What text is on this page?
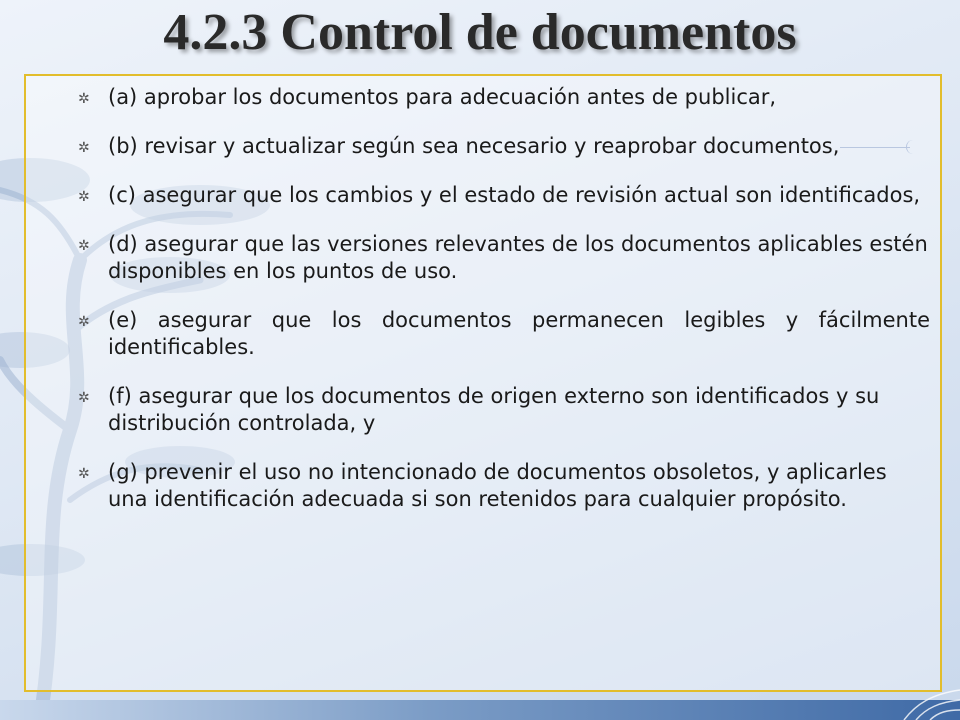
4.2.3 Control de documentos
✲ (a) aprobar los documentos para adecuación antes de publicar,
✲ (b) revisar y actualizar según sea necesario y reaprobar documentos,
✲ (c) asegurar que los cambios y el estado de revisión actual son identificados,
✲ (d) asegurar que las versiones relevantes de los documentos aplicables estén disponibles en los puntos de uso.
✲ (e) asegurar que los documentos permanecen legibles y fácilmente identificables.
✲ (f) asegurar que los documentos de origen externo son identificados y su distribución controlada, y
✲ (g) prevenir el uso no intencionado de documentos obsoletos, y aplicarles una identificación adecuada si son retenidos para cualquier propósito.
